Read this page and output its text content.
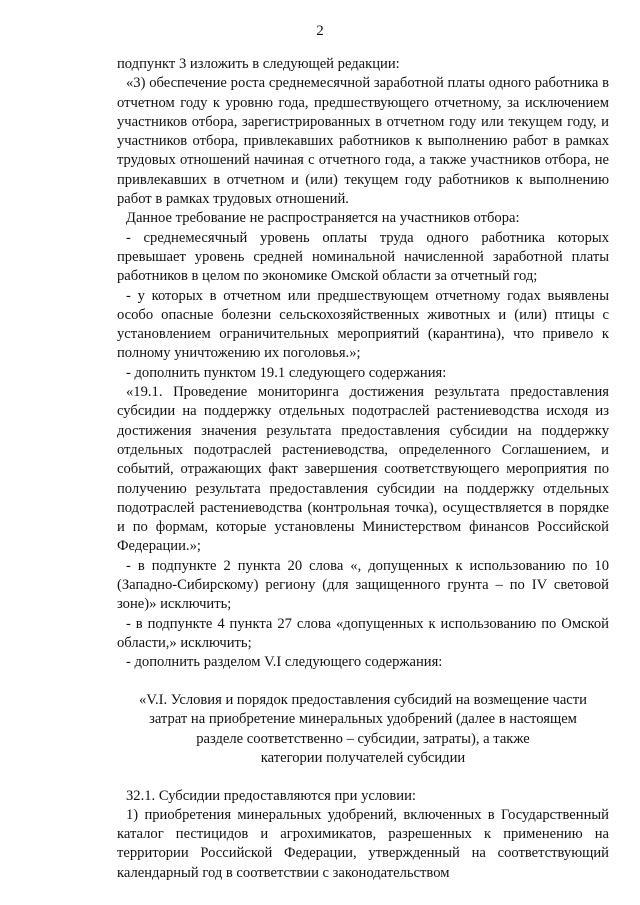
2

подпункт 3 изложить в следующей редакции:

«3) обеспечение роста среднемесячной заработной платы одного работника в отчетном году к уровню года, предшествующего отчетному, за исключением участников отбора, зарегистрированных в отчетном году или текущем году, и участников отбора, привлекавших работников к выполнению работ в рамках трудовых отношений начиная с отчетного года, а также участников отбора, не привлекавших в отчетном и (или) текущем году работников к выполнению работ в рамках трудовых отношений.

Данное требование не распространяется на участников отбора:

- среднемесячный уровень оплаты труда одного работника которых превышает уровень средней номинальной начисленной заработной платы работников в целом по экономике Омской области за отчетный год;

- у которых в отчетном или предшествующем отчетному годах выявлены особо опасные болезни сельскохозяйственных животных и (или) птицы с установлением ограничительных мероприятий (карантина), что привело к полному уничтожению их поголовья.»;

- дополнить пунктом 19.1 следующего содержания:

«19.1. Проведение мониторинга достижения результата предоставления субсидии на поддержку отдельных подотраслей растениеводства исходя из достижения значения результата предоставления субсидии на поддержку отдельных подотраслей растениеводства, определенного Соглашением, и событий, отражающих факт завершения соответствующего мероприятия по получению результата предоставления субсидии на поддержку отдельных подотраслей растениеводства (контрольная точка), осуществляется в порядке и по формам, которые установлены Министерством финансов Российской Федерации.»;

- в подпункте 2 пункта 20 слова «, допущенных к использованию по 10 (Западно-Сибирскому) региону (для защищенного грунта – по IV световой зоне)» исключить;

- в подпункте 4 пункта 27 слова «допущенных к использованию по Омской области,» исключить;

- дополнить разделом V.I следующего содержания:

«V.I. Условия и порядок предоставления субсидий на возмещение части
затрат на приобретение минеральных удобрений (далее в настоящем
разделе соответственно – субсидии, затраты), а также
категории получателей субсидии

32.1. Субсидии предоставляются при условии:

1) приобретения минеральных удобрений, включенных в Государственный каталог пестицидов и агрохимикатов, разрешенных к применению на территории Российской Федерации, утвержденный на соответствующий календарный год в соответствии с законодательством
